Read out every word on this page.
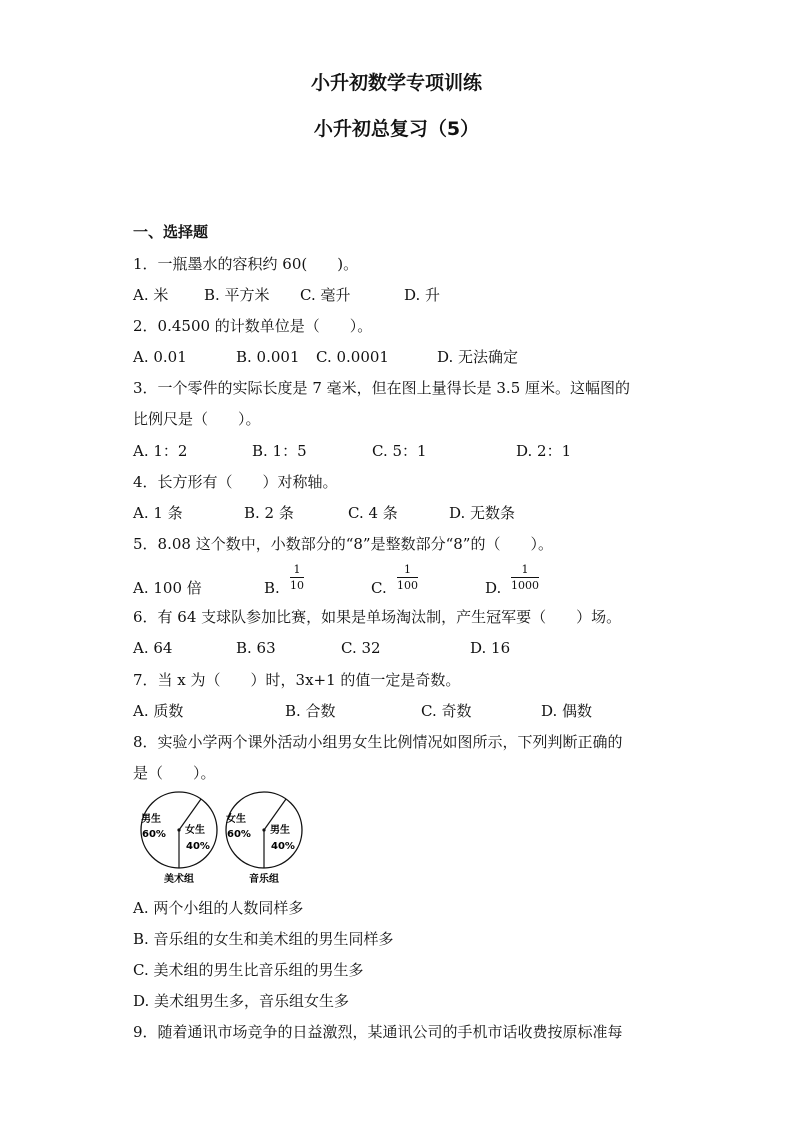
小升初数学专项训练
小升初总复习（5）
一、选择题
1．一瓶墨水的容积约 60(　　)。
A. 米 B. 平方米 C. 毫升	D. 升
2．0.4500 的计数单位是（　　）。
A. 0.01	B. 0.001 C. 0.0001	D. 无法确定
3．一个零件的实际长度是 7 毫米，但在图上量得长是 3.5 厘米。这幅图的
比例尺是（　　）。
A. 1：2	B. 1：5	C. 5：1	D. 2：1
4．长方形有（　　）对称轴。
A. 1 条	B. 2 条	C. 4 条	D. 无数条
5．8.08 这个数中，小数部分的“8”是整数部分“8”的（　　）。
A. 100 倍	B.
1
10	C.
1
100	D.
1
1000
6．有 64 支球队参加比赛，如果是单场淘汰制，产生冠军要（　　）场。
A. 64	B. 63	C. 32	D. 16
7．当 x 为（　　）时，3x+1 的值一定是奇数。
A. 质数	B. 合数	C. 奇数	D. 偶数
8．实验小学两个课外活动小组男女生比例情况如图所示，下列判断正确的
是（　　）。
男生
60% 女生
40%
美术组
女生
60% 男生
40%
音乐组
A. 两个小组的人数同样多
B. 音乐组的女生和美术组的男生同样多
C. 美术组的男生比音乐组的男生多
D. 美术组男生多，音乐组女生多
9．随着通讯市场竞争的日益激烈，某通讯公司的手机市话收费按原标准每
